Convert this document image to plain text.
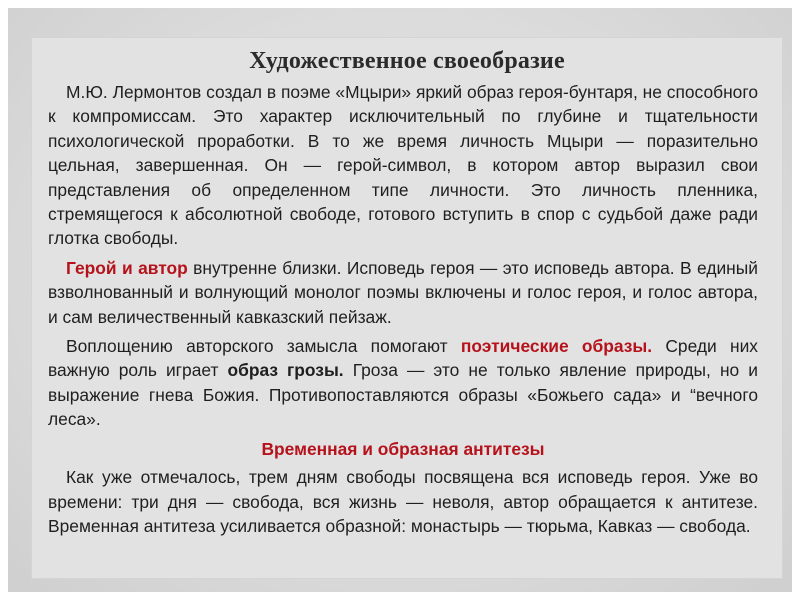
Художественное своеобразие

М.Ю. Лермонтов создал в поэме «Мцыри» яркий образ героя-бунтаря, не способного к компромиссам. Это характер исключительный по глубине и тщательности психологической проработки. В то же время личность Мцыри — поразительно цельная, завершенная. Он — герой-символ, в котором автор выразил свои представления об определенном типе личности. Это личность пленника, стремящегося к абсолютной свободе, готового вступить в спор с судьбой даже ради глотка свободы.

Герой и автор внутренне близки. Исповедь героя — это исповедь автора. В единый взволнованный и волнующий монолог поэмы включены и голос героя, и голос автора, и сам величественный кавказский пейзаж.

Воплощению авторского замысла помогают поэтические образы. Среди них важную роль играет образ грозы. Гроза — это не только явление природы, но и выражение гнева Божия. Противопоставляются образы «Божьего сада» и “вечного леса».

Временная и образная антитезы

Как уже отмечалось, трем дням свободы посвящена вся исповедь героя. Уже во времени: три дня — свобода, вся жизнь — неволя, автор обращается к антитезе. Временная антитеза усиливается образной: монастырь — тюрьма, Кавказ — свобода.
